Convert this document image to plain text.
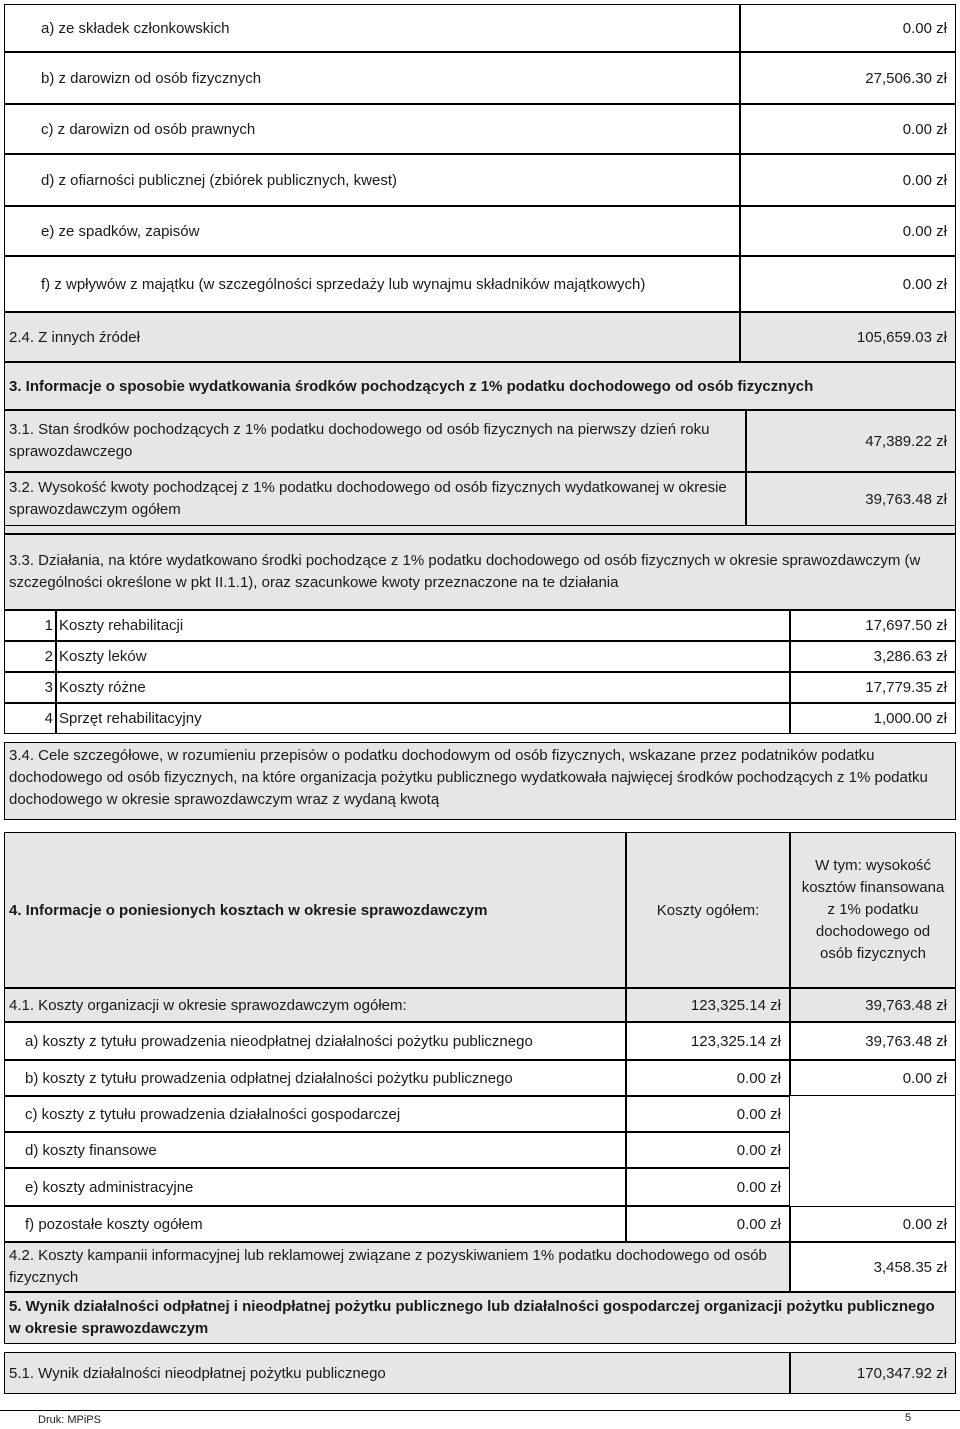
a) ze składek członkowskich	0.00 zł
b) z darowizn od osób fizycznych	27,506.30 zł
c) z darowizn od osób prawnych	0.00 zł
d) z ofiarności publicznej (zbiórek publicznych, kwest)	0.00 zł
e) ze spadków, zapisów	0.00 zł
f) z wpływów z majątku (w szczególności sprzedaży lub wynajmu składników majątkowych)	0.00 zł
2.4. Z innych źródeł	105,659.03 zł
3. Informacje o sposobie wydatkowania środków pochodzących z 1% podatku dochodowego od osób fizycznych
3.1. Stan środków pochodzących z 1% podatku dochodowego od osób fizycznych na pierwszy dzień roku sprawozdawczego
47,389.22 zł
3.2. Wysokość kwoty pochodzącej z 1% podatku dochodowego od osób fizycznych wydatkowanej w okresie sprawozdawczym ogółem
39,763.48 zł
3.3. Działania, na które wydatkowano środki pochodzące z 1% podatku dochodowego od osób fizycznych w okresie sprawozdawczym (w szczególności określone w pkt II.1.1), oraz szacunkowe kwoty przeznaczone na te działania
1 Koszty rehabilitacji	17,697.50 zł
2 Koszty leków	3,286.63 zł
3 Koszty różne	17,779.35 zł
4 Sprzęt rehabilitacyjny	1,000.00 zł
3.4. Cele szczegółowe, w rozumieniu przepisów o podatku dochodowym od osób fizycznych, wskazane przez podatników podatku dochodowego od osób fizycznych, na które organizacja pożytku publicznego wydatkowała najwięcej środków pochodzących z 1% podatku dochodowego w okresie sprawozdawczym wraz z wydaną kwotą
4. Informacje o poniesionych kosztach w okresie sprawozdawczym	Koszty ogółem:
W tym: wysokość kosztów finansowana z 1% podatku dochodowego od osób fizycznych
4.1. Koszty organizacji w okresie sprawozdawczym ogółem:	123,325.14 zł	39,763.48 zł
a) koszty z tytułu prowadzenia nieodpłatnej działalności pożytku publicznego	123,325.14 zł	39,763.48 zł
b) koszty z tytułu prowadzenia odpłatnej działalności pożytku publicznego	0.00 zł	0.00 zł
c) koszty z tytułu prowadzenia działalności gospodarczej	0.00 zł
d) koszty finansowe	0.00 zł
e) koszty administracyjne	0.00 zł
f) pozostałe koszty ogółem	0.00 zł	0.00 zł
4.2. Koszty kampanii informacyjnej lub reklamowej związane z pozyskiwaniem 1% podatku dochodowego od osób fizycznych
3,458.35 zł
5. Wynik działalności odpłatnej i nieodpłatnej pożytku publicznego lub działalności gospodarczej organizacji pożytku publicznego w okresie sprawozdawczym
5.1. Wynik działalności nieodpłatnej pożytku publicznego	170,347.92 zł
Druk: MPiPS	5
